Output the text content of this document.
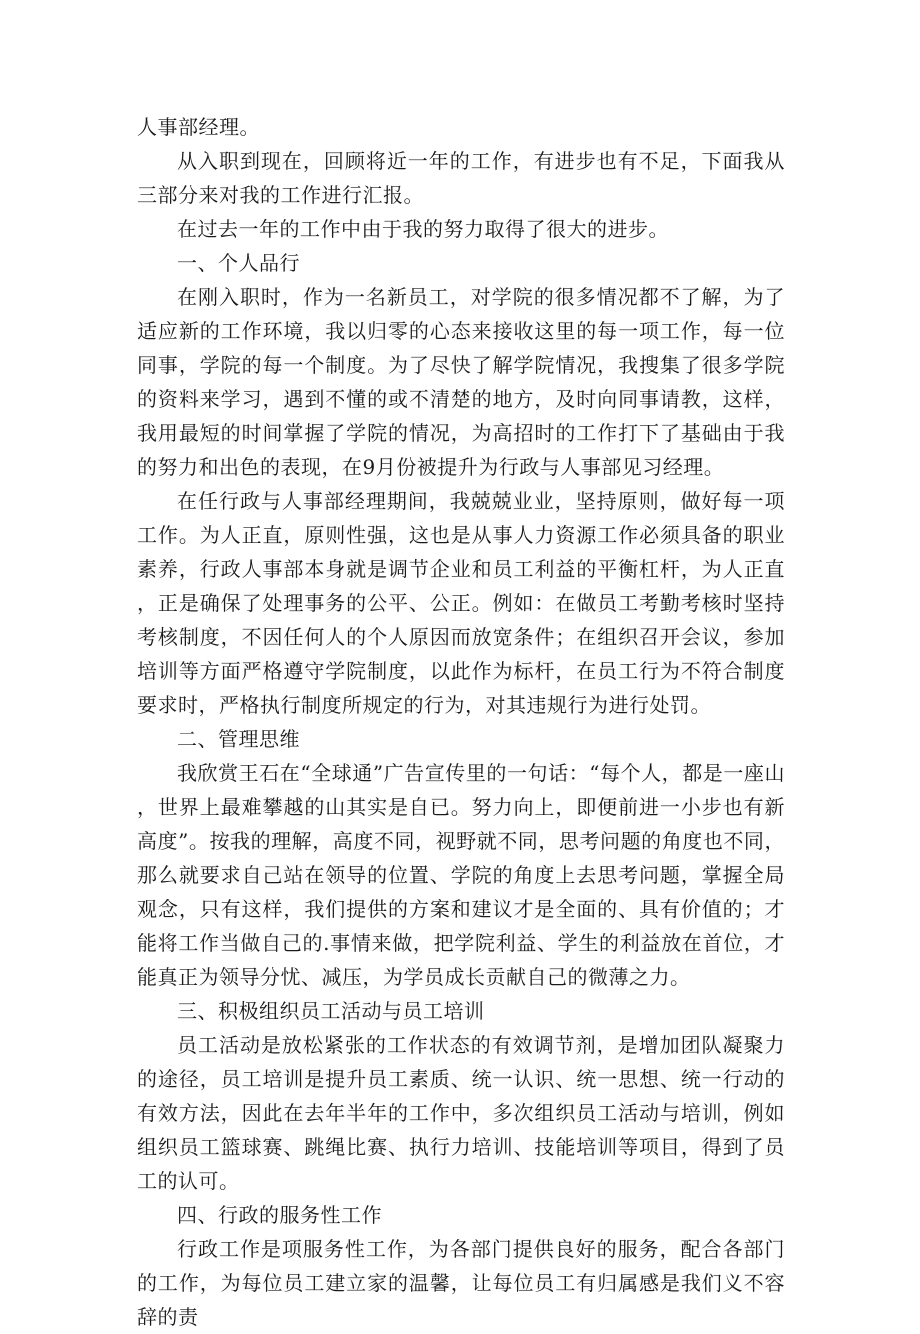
人事部经理。

从入职到现在，回顾将近一年的工作，有进步也有不足，下面我从三部分来对我的工作进行汇报。

在过去一年的工作中由于我的努力取得了很大的进步。

一、个人品行

在刚入职时，作为一名新员工，对学院的很多情况都不了解，为了适应新的工作环境，我以归零的心态来接收这里的每一项工作，每一位同事，学院的每一个制度。为了尽快了解学院情况，我搜集了很多学院的资料来学习，遇到不懂的或不清楚的地方，及时向同事请教，这样，我用最短的时间掌握了学院的情况，为高招时的工作打下了基础由于我的努力和出色的表现，在9月份被提升为行政与人事部见习经理。

在任行政与人事部经理期间，我兢兢业业，坚持原则，做好每一项工作。为人正直，原则性强，这也是从事人力资源工作必须具备的职业素养，行政人事部本身就是调节企业和员工利益的平衡杠杆，为人正直，正是确保了处理事务的公平、公正。例如：在做员工考勤考核时坚持考核制度，不因任何人的个人原因而放宽条件；在组织召开会议，参加培训等方面严格遵守学院制度，以此作为标杆，在员工行为不符合制度要求时，严格执行制度所规定的行为，对其违规行为进行处罚。

二、管理思维

我欣赏王石在“全球通”广告宣传里的一句话：“每个人，都是一座山，世界上最难攀越的山其实是自已。努力向上，即便前进一小步也有新高度”。按我的理解，高度不同，视野就不同，思考问题的角度也不同，那么就要求自己站在领导的位置、学院的角度上去思考问题，掌握全局观念，只有这样，我们提供的方案和建议才是全面的、具有价值的；才能将工作当做自己的.事情来做，把学院利益、学生的利益放在首位，才能真正为领导分忧、减压，为学员成长贡献自己的微薄之力。

三、积极组织员工活动与员工培训

员工活动是放松紧张的工作状态的有效调节剂，是增加团队凝聚力的途径，员工培训是提升员工素质、统一认识、统一思想、统一行动的有效方法，因此在去年半年的工作中，多次组织员工活动与培训，例如组织员工篮球赛、跳绳比赛、执行力培训、技能培训等项目，得到了员工的认可。

四、行政的服务性工作

行政工作是项服务性工作，为各部门提供良好的服务，配合各部门的工作，为每位员工建立家的温馨，让每位员工有归属感是我们义不容辞的责
